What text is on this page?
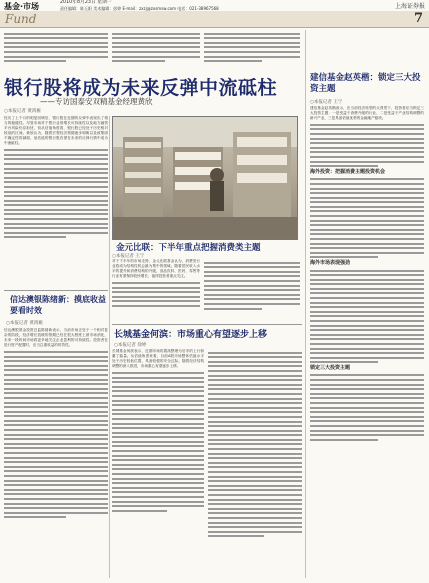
基金·市场	2010年8月23日 星期一
责任编辑：陈玉阳 美术编辑：彭婷 E-mail：zxzj@zxsmsw.com 电话：021-38967568	上海证券报
Fund	7
银行股将成为未来反弹中流砥柱
——专访国泰安双精基金经理黄欣
○本报记者 黄鸿雁
经历了上个月的明显回调后，银行股在近期的反弹中表现出了相当的稳健性。尽管市场对于银行业绩增长可持续性以及地方融资平台风险仍存担忧，但从估值角度看，银行股已经处于历史相对较低的区间。黄欣认为，随着宏观经济预期逐步明朗以及政策面不确定性的减弱，低估值的银行股有望在未来的反弹行情中成为中流砥柱。
金元比联：下半年重点把握消费类主题
○本报记者 王宁
对于下半年的市场走势，金元比联基金认为，消费类行业将成为结构性机会最为集中的领域。随着居民收入水平的提升和消费结构的升级，食品饮料、医药、零售等行业有望保持较快增长，值得投资者重点关注。
信达澳银陈绪新：摸底收益要看时效
○本报记者 黄鸿雁
信达澳银基金投资总监陈绪新表示，当前市场正处于一个相对复杂的阶段，经济增长放缓的预期已经在很大程度上被市场消化，未来一段时间市场将更多地关注企业盈利的可持续性。投资者在进行资产配置时，应当注重收益的时效性。
长城基金何滨：市场重心有望逐步上移
○本报记者 徐婷
长城基金何滨表示，近期市场的震荡整理为后市的上行积蓄了能量。从估值角度来看，目前A股市场整体估值水平处于历史较低位置，具备较强的安全边际。随着经济结构调整的深入推进，市场重心有望逐步上移。
建信基金赵英楷：锁定三大投资主题
○本报记者 王宁
建信基金赵英楷表示，在当前经济转型的大背景下，投资者应当锁定三大投资主题：一是受益于消费升级的行业，二是受益于产业结构调整的新兴产业，三是具备估值优势的金融地产板块。
海外投资：把握消费主题投资机会
海外市场表现强劲
锁定三大投资主题
